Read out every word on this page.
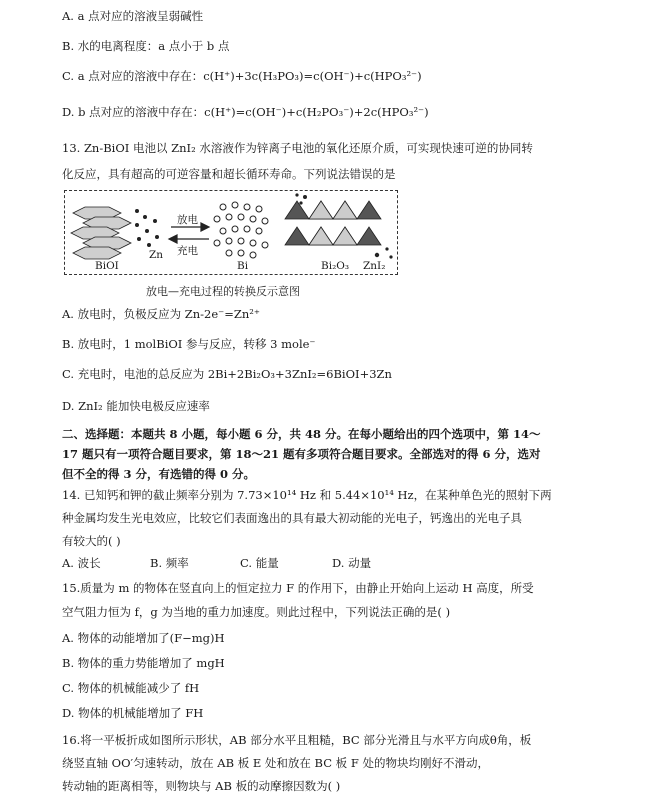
A. a 点对应的溶液呈弱碱性
B. 水的电离程度：a 点小于 b 点
C. a 点对应的溶液中存在：c(H⁺)+3c(H₃PO₃)=c(OH⁻)+c(HPO₃²⁻)
D. b 点对应的溶液中存在：c(H⁺)=c(OH⁻)+c(H₂PO₃⁻)+2c(HPO₃²⁻)
13. Zn-BiOI 电池以 ZnI₂ 水溶液作为锌离子电池的氧化还原介质，可实现快速可逆的协同转
化反应，具有超高的可逆容量和超长循环寿命。下列说法错误的是
放电
充电
BiOI
Zn
Bi	Bi₂O₃ ZnI₂
放电—充电过程的转换反示意图
A. 放电时，负极反应为 Zn-2e⁻=Zn²⁺
B. 放电时，1 molBiOI 参与反应，转移 3 mole⁻
C. 充电时，电池的总反应为 2Bi+2Bi₂O₃+3ZnI₂=6BiOI+3Zn
D. ZnI₂ 能加快电极反应速率
二、选择题：本题共 8 小题，每小题 6 分，共 48 分。在每小题给出的四个选项中，第 14～
17 题只有一项符合题目要求，第 18～21 题有多项符合题目要求。全部选对的得 6 分，选对
但不全的得 3 分，有选错的得 0 分。
14. 已知钙和钾的截止频率分别为 7.73×10¹⁴ Hz 和 5.44×10¹⁴ Hz，在某种单色光的照射下两
种金属均发生光电效应，比较它们表面逸出的具有最大初动能的光电子，钙逸出的光电子具
有较大的( )
A. 波长	B. 频率	C. 能量	D. 动量
15.质量为 m 的物体在竖直向上的恒定拉力 F 的作用下，由静止开始向上运动 H 高度，所受
空气阻力恒为 f，g 为当地的重力加速度。则此过程中，下列说法正确的是( )
A. 物体的动能增加了(F−mg)H
B. 物体的重力势能增加了 mgH
C. 物体的机械能减少了 fH
D. 物体的机械能增加了 FH
16.将一平板折成如图所示形状，AB 部分水平且粗糙，BC 部分光滑且与水平方向成θ角，板
绕竖直轴 OO′匀速转动，放在 AB 板 E 处和放在 BC 板 F 处的物块均刚好不滑动，
转动轴的距离相等，则物块与 AB 板的动摩擦因数为( )
